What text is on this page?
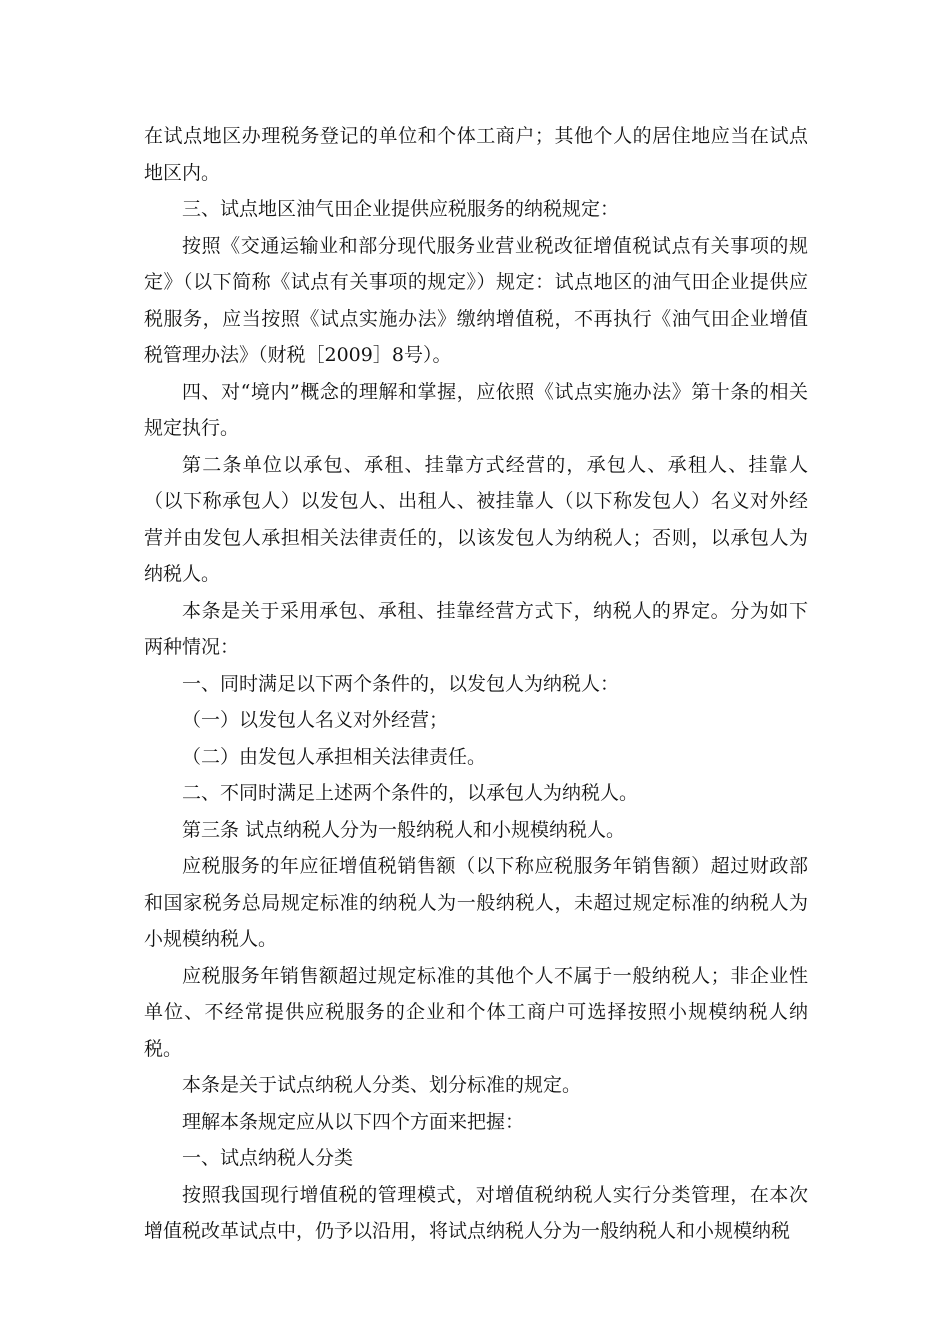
在试点地区办理税务登记的单位和个体工商户；其他个人的居住地应当在试点地区内。

三、试点地区油气田企业提供应税服务的纳税规定：

按照《交通运输业和部分现代服务业营业税改征增值税试点有关事项的规定》（以下简称《试点有关事项的规定》）规定：试点地区的油气田企业提供应税服务，应当按照《试点实施办法》缴纳增值税，不再执行《油气田企业增值税管理办法》（财税［2009］8号）。

四、对“境内”概念的理解和掌握，应依照《试点实施办法》第十条的相关规定执行。

第二条单位以承包、承租、挂靠方式经营的，承包人、承租人、挂靠人（以下称承包人）以发包人、出租人、被挂靠人（以下称发包人）名义对外经营并由发包人承担相关法律责任的，以该发包人为纳税人；否则，以承包人为纳税人。

本条是关于采用承包、承租、挂靠经营方式下，纳税人的界定。分为如下两种情况：

一、同时满足以下两个条件的，以发包人为纳税人：

（一）以发包人名义对外经营；

（二）由发包人承担相关法律责任。

二、不同时满足上述两个条件的，以承包人为纳税人。

第三条 试点纳税人分为一般纳税人和小规模纳税人。

应税服务的年应征增值税销售额（以下称应税服务年销售额）超过财政部和国家税务总局规定标准的纳税人为一般纳税人，未超过规定标准的纳税人为小规模纳税人。

应税服务年销售额超过规定标准的其他个人不属于一般纳税人；非企业性单位、不经常提供应税服务的企业和个体工商户可选择按照小规模纳税人纳税。

本条是关于试点纳税人分类、划分标准的规定。

理解本条规定应从以下四个方面来把握：

一、试点纳税人分类

按照我国现行增值税的管理模式，对增值税纳税人实行分类管理，在本次增值税改革试点中，仍予以沿用，将试点纳税人分为一般纳税人和小规模纳税
